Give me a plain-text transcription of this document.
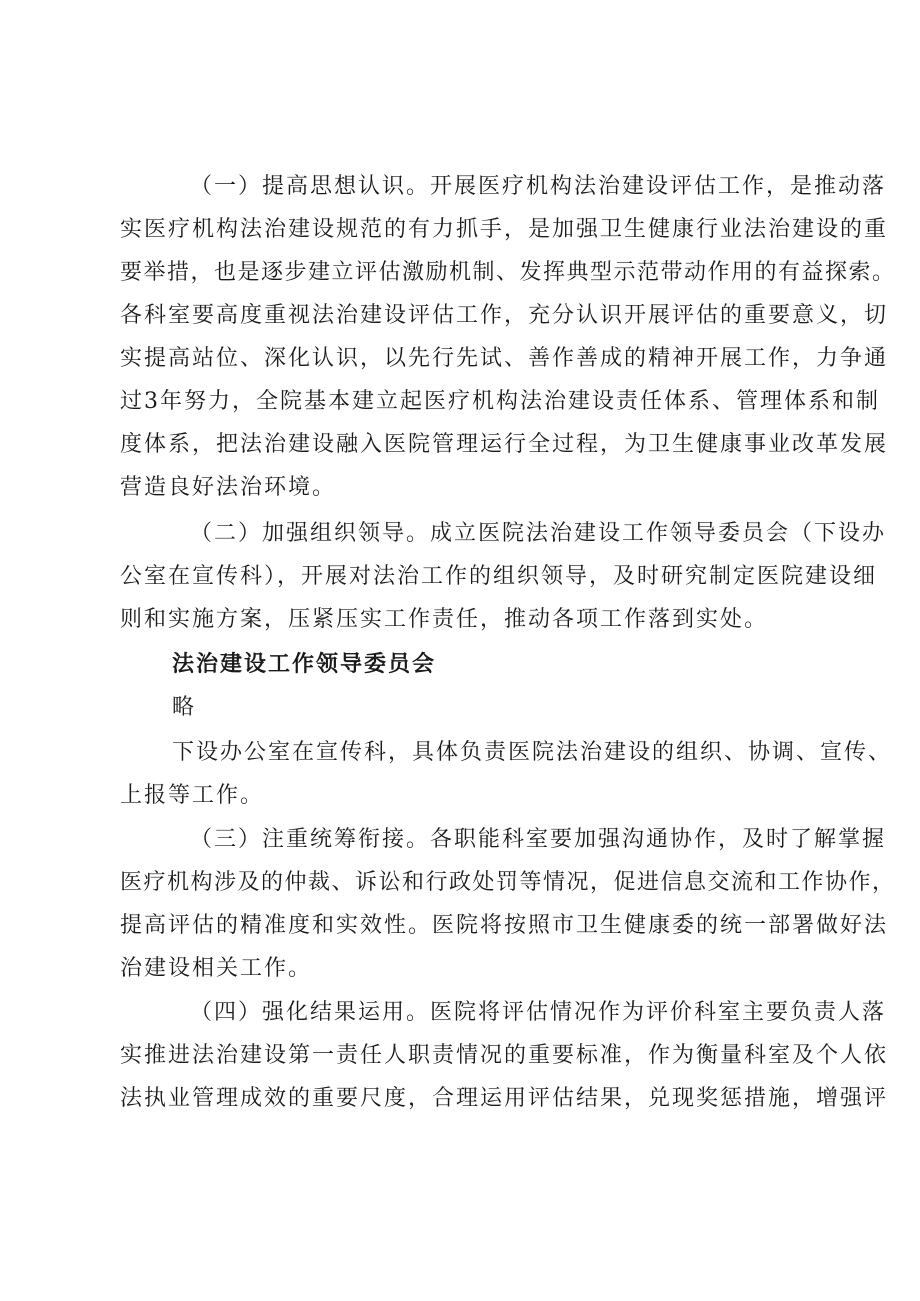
（一）提高思想认识。开展医疗机构法治建设评估工作，是推动落
实医疗机构法治建设规范的有力抓手，是加强卫生健康行业法治建设的重
要举措，也是逐步建立评估激励机制、发挥典型示范带动作用的有益探索。
各科室要高度重视法治建设评估工作，充分认识开展评估的重要意义，切
实提高站位、深化认识，以先行先试、善作善成的精神开展工作，力争通
过3年努力，全院基本建立起医疗机构法治建设责任体系、管理体系和制
度体系，把法治建设融入医院管理运行全过程，为卫生健康事业改革发展
营造良好法治环境。
（二）加强组织领导。成立医院法治建设工作领导委员会（下设办
公室在宣传科），开展对法治工作的组织领导，及时研究制定医院建设细
则和实施方案，压紧压实工作责任，推动各项工作落到实处。
法治建设工作领导委员会
略
下设办公室在宣传科，具体负责医院法治建设的组织、协调、宣传、
上报等工作。
（三）注重统筹衔接。各职能科室要加强沟通协作，及时了解掌握
医疗机构涉及的仲裁、诉讼和行政处罚等情况，促进信息交流和工作协作，
提高评估的精准度和实效性。医院将按照市卫生健康委的统一部署做好法
治建设相关工作。
（四）强化结果运用。医院将评估情况作为评价科室主要负责人落
实推进法治建设第一责任人职责情况的重要标准，作为衡量科室及个人依
法执业管理成效的重要尺度，合理运用评估结果，兑现奖惩措施，增强评
